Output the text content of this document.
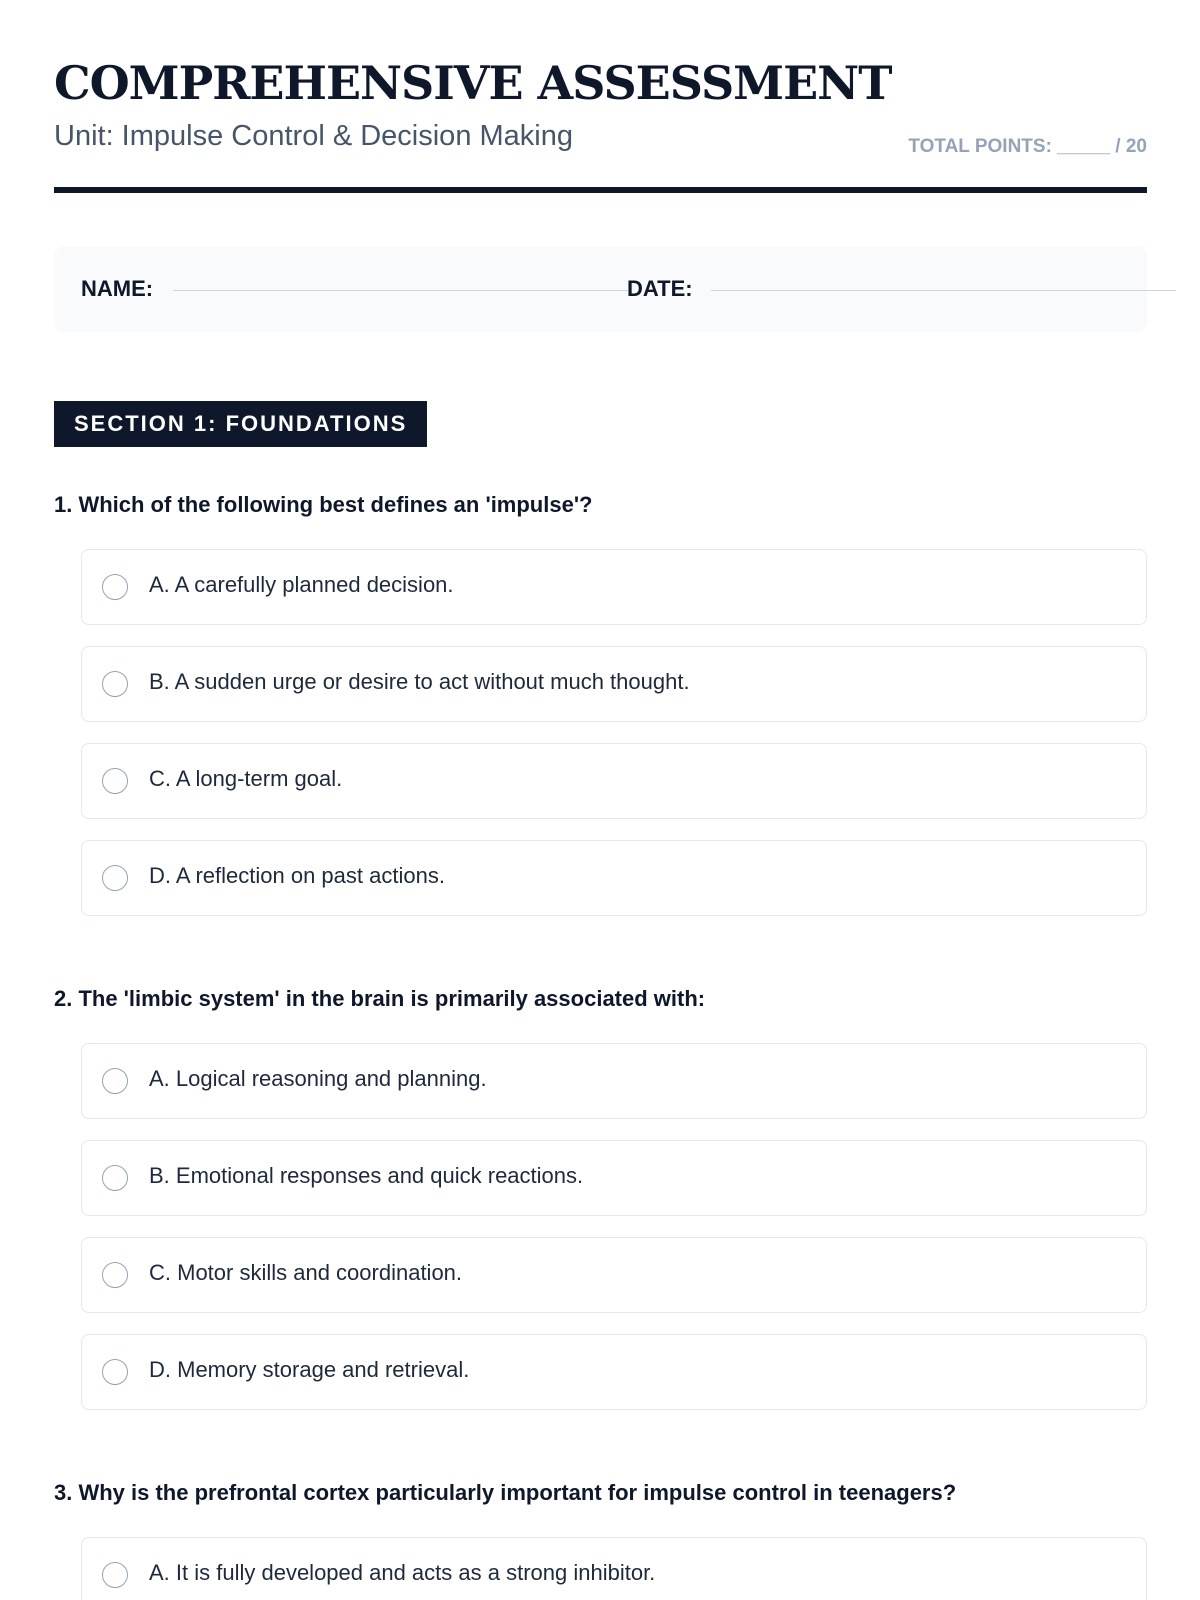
COMPREHENSIVE ASSESSMENT
Unit: Impulse Control & Decision Making	TOTAL POINTS: _____ / 20
NAME:	DATE:
SECTION 1: FOUNDATIONS
1. Which of the following best defines an 'impulse'?
A. A carefully planned decision.
B. A sudden urge or desire to act without much thought.
C. A long-term goal.
D. A reflection on past actions.
2. The 'limbic system' in the brain is primarily associated with:
A. Logical reasoning and planning.
B. Emotional responses and quick reactions.
C. Motor skills and coordination.
D. Memory storage and retrieval.
3. Why is the prefrontal cortex particularly important for impulse control in teenagers?
A. It is fully developed and acts as a strong inhibitor.
